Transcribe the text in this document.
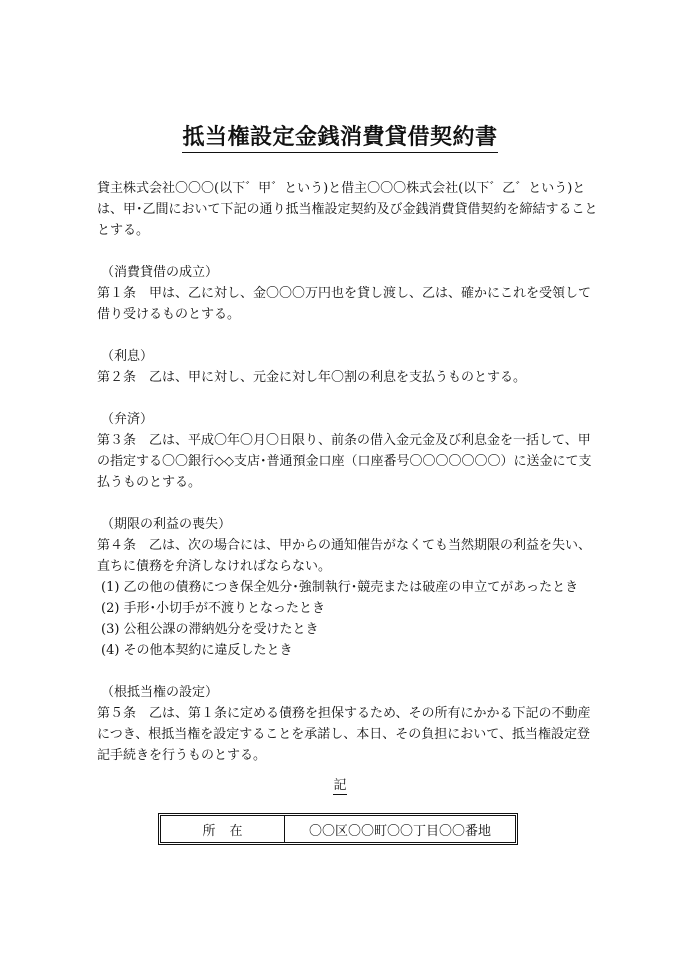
抵当権設定金銭消費貸借契約書

貸主株式会社〇〇〇(以下゛甲゛という)と借主〇〇〇株式会社(以下゛乙゛という)と

は、甲･乙間において下記の通り抵当権設定契約及び金銭消費貸借契約を締結すること

とする。

（消費貸借の成立）

第１条　甲は、乙に対し、金〇〇〇万円也を貸し渡し、乙は、確かにこれを受領して

借り受けるものとする。

（利息）

第２条　乙は、甲に対し、元金に対し年〇割の利息を支払うものとする。

（弁済）

第３条　乙は、平成〇年〇月〇日限り、前条の借入金元金及び利息金を一括して、甲

の指定する〇〇銀行◇◇支店･普通預金口座（口座番号〇〇〇〇〇〇〇）に送金にて支

払うものとする。

（期限の利益の喪失）

第４条　乙は、次の場合には、甲からの通知催告がなくても当然期限の利益を失い、

直ちに債務を弁済しなければならない。

(1) 乙の他の債務につき保全処分･強制執行･競売または破産の申立てがあったとき

(2) 手形･小切手が不渡りとなったとき

(3) 公租公課の滞納処分を受けたとき

(4) その他本契約に違反したとき

（根抵当権の設定）

第５条　乙は、第１条に定める債務を担保するため、その所有にかかる下記の不動産

につき、根抵当権を設定することを承諾し、本日、その負担において、抵当権設定登

記手続きを行うものとする。

記
所在	〇〇区〇〇町〇〇丁目〇〇番地
